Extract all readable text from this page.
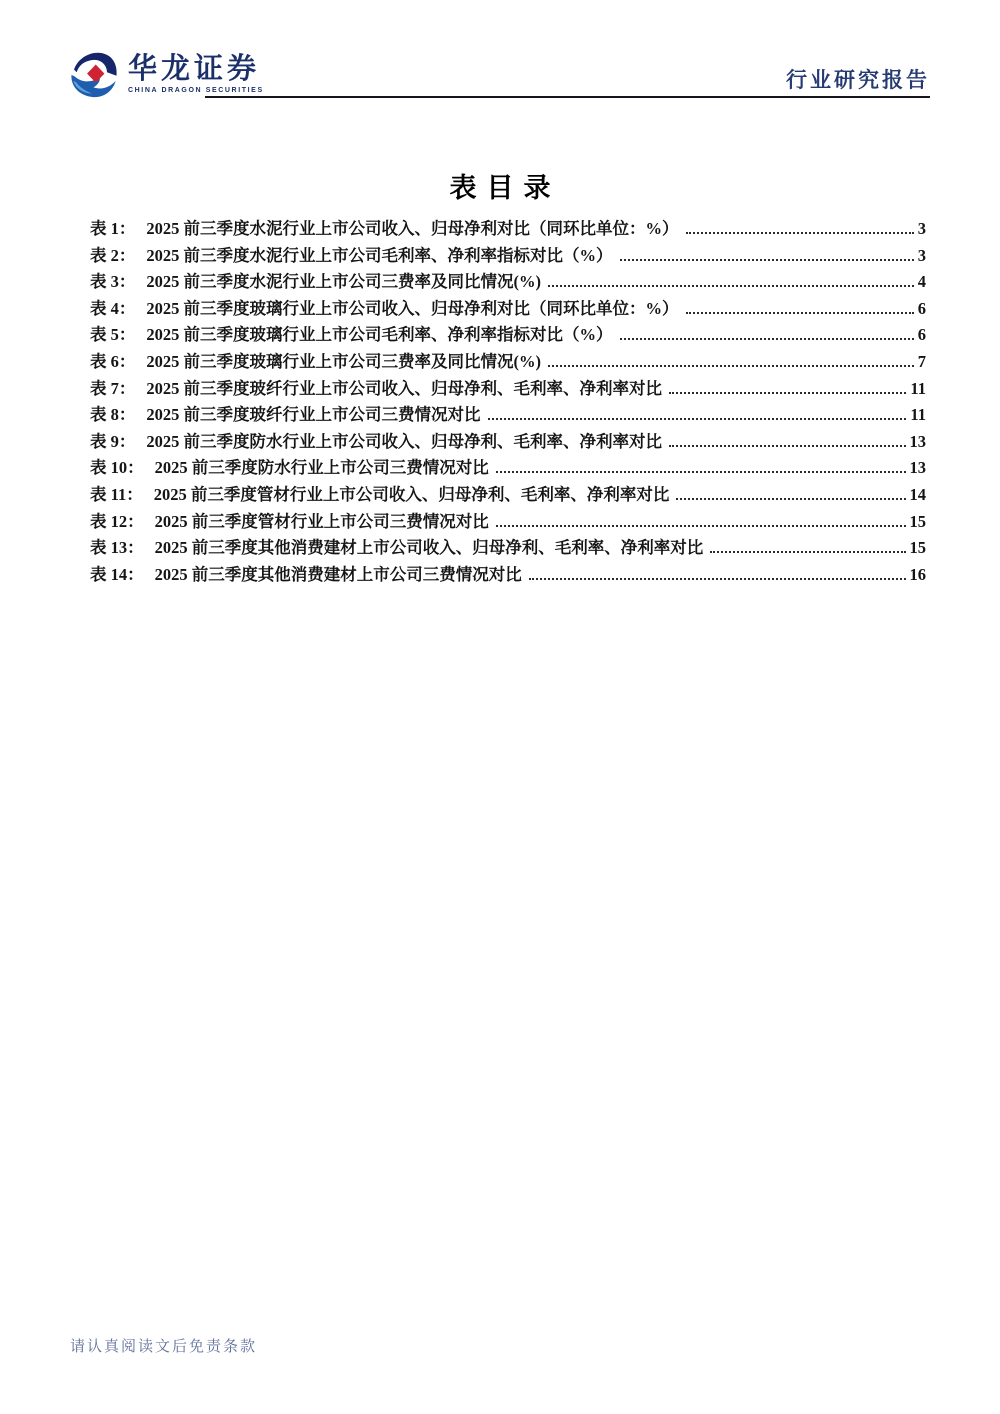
华龙证券
CHINA DRAGON SECURITIES	行业研究报告
表目录
表 1： 2025 前三季度水泥行业上市公司收入、归母净利对比（同环比单位：%）	3
表 2： 2025 前三季度水泥行业上市公司毛利率、净利率指标对比（%）	3
表 3： 2025 前三季度水泥行业上市公司三费率及同比情况(%)	4
表 4： 2025 前三季度玻璃行业上市公司收入、归母净利对比（同环比单位：%）	6
表 5： 2025 前三季度玻璃行业上市公司毛利率、净利率指标对比（%）	6
表 6： 2025 前三季度玻璃行业上市公司三费率及同比情况(%)	7
表 7： 2025 前三季度玻纤行业上市公司收入、归母净利、毛利率、净利率对比	11
表 8： 2025 前三季度玻纤行业上市公司三费情况对比	11
表 9： 2025 前三季度防水行业上市公司收入、归母净利、毛利率、净利率对比	13
表 10： 2025 前三季度防水行业上市公司三费情况对比	13
表 11： 2025 前三季度管材行业上市公司收入、归母净利、毛利率、净利率对比	14
表 12： 2025 前三季度管材行业上市公司三费情况对比	15
表 13： 2025 前三季度其他消费建材上市公司收入、归母净利、毛利率、净利率对比	15
表 14： 2025 前三季度其他消费建材上市公司三费情况对比	16
请认真阅读文后免责条款
